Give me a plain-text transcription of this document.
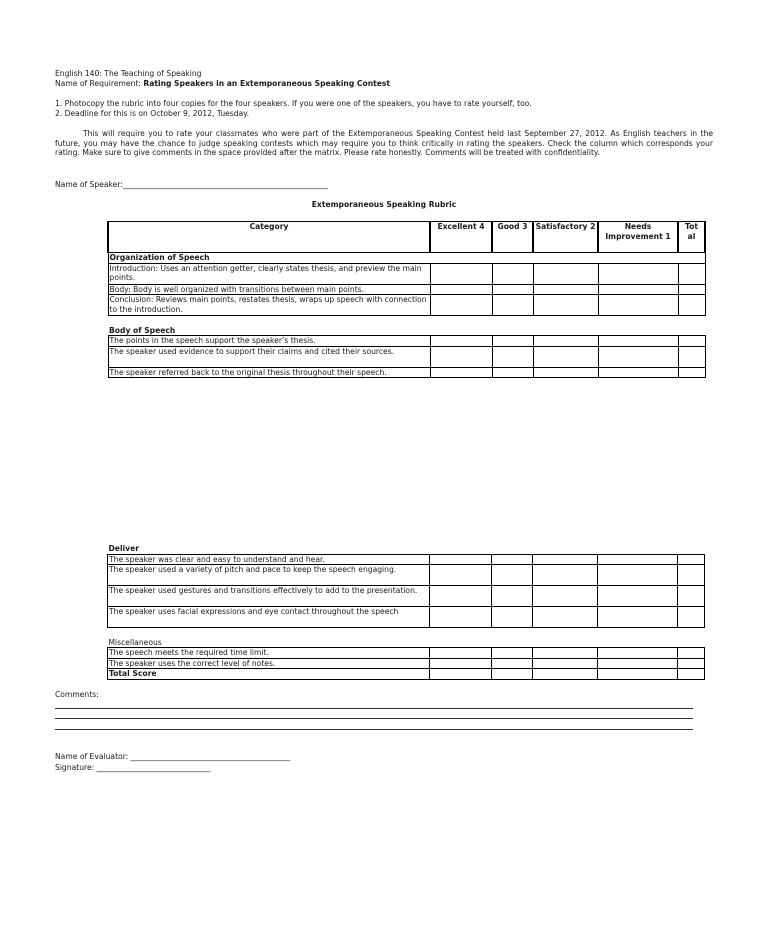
English 140: The Teaching of Speaking
Name of Requirement: Rating Speakers in an Extemporaneous Speaking Contest
1. Photocopy the rubric into four copies for the four speakers. If you were one of the speakers, you have to rate yourself, too.
2. Deadline for this is on October 9, 2012, Tuesday.
This will require you to rate your classmates who were part of the Extemporaneous Speaking Contest held last September 27, 2012. As English teachers in the future, you may have the chance to judge speaking contests which may require you to think critically in rating the speakers. Check the column which corresponds your rating. Make sure to give comments in the space provided after the matrix. Please rate honestly. Comments will be treated with confidentiality.
Name of Speaker:______________________________________________________
Extemporaneous Speaking Rubric
Category	Excellent 4	Good 3	Satisfactory 2	Needs Improvement 1	Tot al
Organization of Speech					
Introduction: Uses an attention getter, clearly states thesis, and preview the main points.					
Body: Body is well organized with transitions between main points.					
Conclusion: Reviews main points, restates thesis, wraps up speech with connection to the introduction.					

Body of Speech					
The points in the speech support the speaker’s thesis.					
The speaker used evidence to support their claims and cited their sources.					
The speaker referred back to the original thesis throughout their speech.					
Deliver					
The speaker was clear and easy to understand and hear.					
The speaker used a variety of pitch and pace to keep the speech engaging.					
The speaker used gestures and transitions effectively to add to the presentation.					
The speaker uses facial expressions and eye contact throughout the speech					

Miscellaneous					
The speech meets the required time limit.					
The speaker uses the correct level of notes.					
Total Score					
Comments:
Name of Evaluator: __________________________________________
Signature: ______________________________
